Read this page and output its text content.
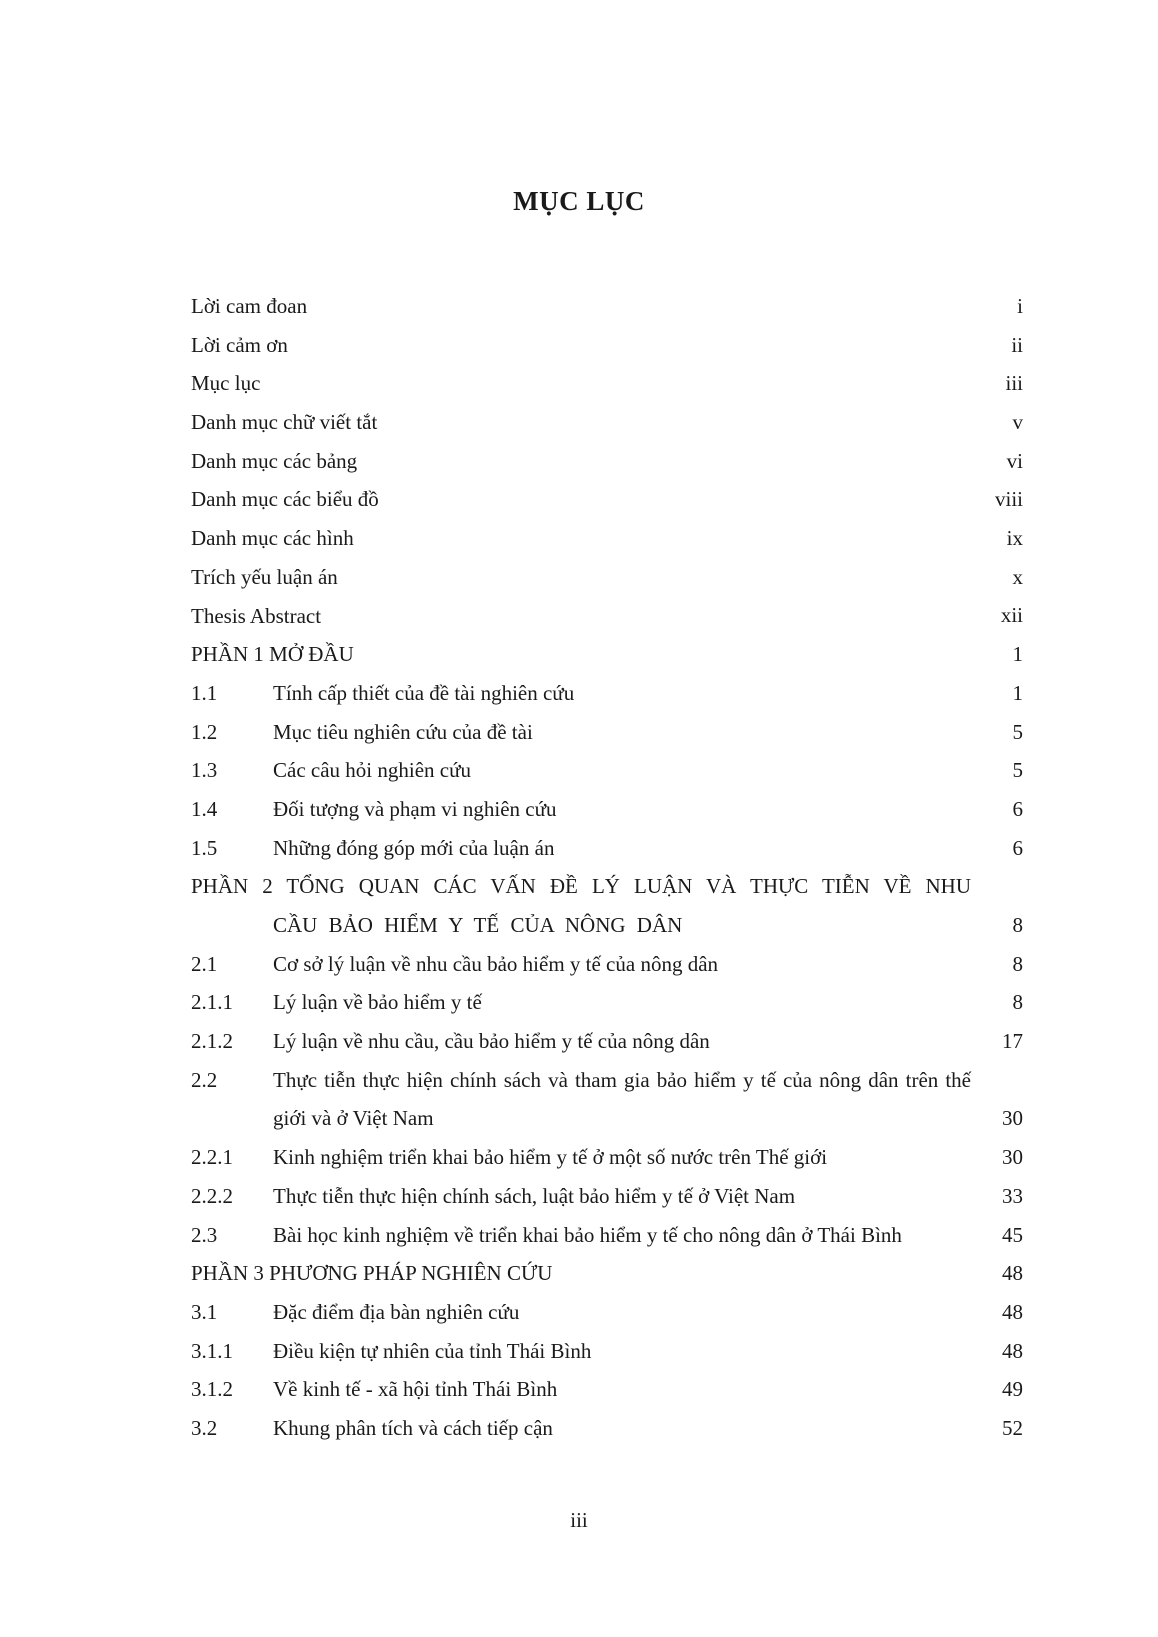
MỤC LỤC
Lời cam đoan	i
Lời cảm ơn	ii
Mục lục	iii
Danh mục chữ viết tắt	v
Danh mục các bảng	vi
Danh mục các biểu đồ	viii
Danh mục các hình	ix
Trích yếu luận án	x
Thesis Abstract	xii
PHẦN 1 MỞ ĐẦU	1
1.1	Tính cấp thiết của đề tài nghiên cứu	1
1.2	Mục tiêu nghiên cứu của đề tài	5
1.3	Các câu hỏi nghiên cứu	5
1.4	Đối tượng và phạm vi nghiên cứu	6
1.5	Những đóng góp mới của luận án	6
PHẦN 2 TỔNG QUAN CÁC VẤN ĐỀ LÝ LUẬN VÀ THỰC TIỄN VỀ NHU CẦU BẢO HIỂM Y TẾ CỦA NÔNG DÂN	8
2.1	Cơ sở lý luận về nhu cầu bảo hiểm y tế của nông dân	8
2.1.1 Lý luận về bảo hiểm y tế	8
2.1.2 Lý luận về nhu cầu, cầu bảo hiểm y tế của nông dân	17
2.2	Thực tiễn thực hiện chính sách và tham gia bảo hiểm y tế của nông dân trên thế giới và ở Việt Nam	30
2.2.1 Kinh nghiệm triển khai bảo hiểm y tế ở một số nước trên Thế giới	30
2.2.2 Thực tiễn thực hiện chính sách, luật bảo hiểm y tế ở Việt Nam	33
2.3	Bài học kinh nghiệm về triển khai bảo hiểm y tế cho nông dân ở Thái Bình	45
PHẦN 3 PHƯƠNG PHÁP NGHIÊN CỨU	48
3.1	Đặc điểm địa bàn nghiên cứu	48
3.1.1 Điều kiện tự nhiên của tỉnh Thái Bình	48
3.1.2 Về kinh tế - xã hội tỉnh Thái Bình	49
3.2	Khung phân tích và cách tiếp cận	52
iii
